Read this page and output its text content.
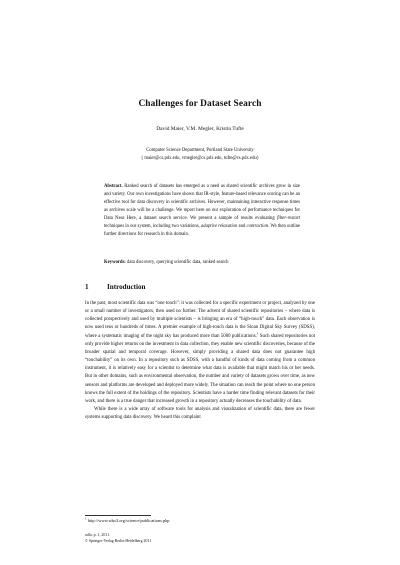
Challenges for Dataset Search
David Maier, V.M. Megler, Kristin Tufte
Computer Science Department, Portland State University
{ maier@cs.pdx.edu, vmegler@cs.pdx.edu, tufte@cs.pdx.edu}
Abstract. Ranked search of datasets has emerged as a need as shared scientific archives grow in size and variety. Our own investigations have shown that IR-style, feature-based relevance scoring can be an effective tool for data discovery in scientific archives. However, maintaining interactive response times as archives scale will be a challenge. We report here on our exploration of performance techniques for Data Near Here, a dataset search service. We present a sample of results evaluating filter-restart techniques in our system, including two variations, adaptive relaxation and contraction. We then outline further directions for research in this domain.
Keywords: data discovery, querying scientific data, ranked search
1	Introduction

In the past, most scientific data was “one touch”: it was collected for a specific experiment or project, analyzed by one or a small number of investigators, then used no further. The advent of shared scientific repositories – where data is collected prospectively and used by multiple scientists – is bringing an era of “high-touch” data. Each observation is now used tens or hundreds of times. A premier example of high-touch data is the Sloan Digital Sky Survey (SDSS), where a systematic imaging of the night sky has produced more than 5000 publications.$^1$ Such shared repositories not only provide higher returns on the investment in data collection, they enable new scientific discoveries, because of the broader spatial and temporal coverage. However, simply providing a shared data does not guarantee high “touchability” on its own. In a repository such as SDSS, with a handful of kinds of data coming from a common instrument, it is relatively easy for a scientist to determine what data is available that might match his or her needs. But in other domains, such as environmental observation, the number and variety of datasets grows over time, as new sensors and platforms are developed and deployed more widely. The situation can reach the point where no one person knows the full extent of the holdings of the repository. Scientists have a harder time finding relevant datasets for their work, and there is a true danger that increased growth in a repository actually decreases the touchability of data.

While there is a wide array of software tools for analysis and visualization of scientific data, there are fewer systems supporting data discovery. We heard this complaint

$^1$ http://www.sdss3.org/science/publications.php
adfa, p. 1, 2011.
© Springer-Verlag Berlin Heidelberg 2011
